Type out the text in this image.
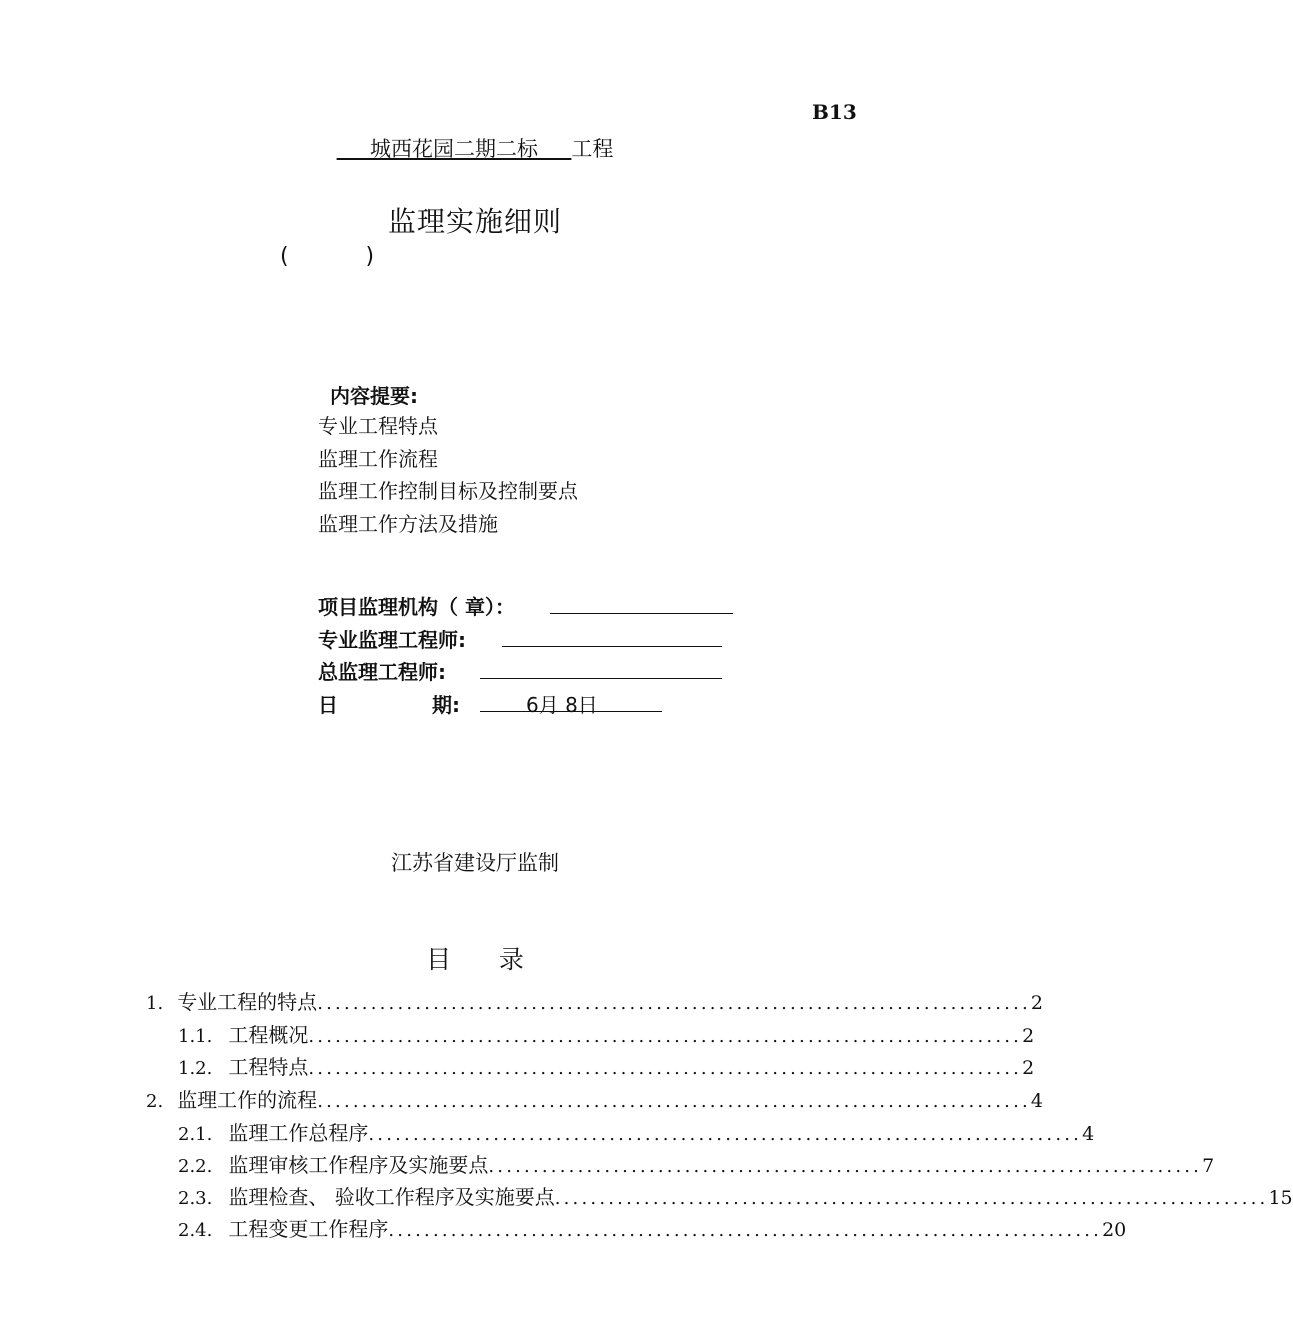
B13
城西花园二期二标 工程
监理实施细则
(	)
内容提要:
专业工程特点
监理工作流程
监理工作控制目标及控制要点
监理工作方法及措施
项目监理机构（ 章）：
专业监理工程师:
总监理工程师:
日	期:	6月 8日
江苏省建设厅监制
目 录
1. 专业工程的特点 ................................................................................ 2
1.1. 工程概况 ................................................................................ 2
1.2. 工程特点 ................................................................................ 2
2. 监理工作的流程 ................................................................................ 4
2.1. 监理工作总程序 ................................................................................ 4
2.2. 监理审核工作程序及实施要点 ................................................................................ 7
2.3. 监理检查、 验收工作程序及实施要点 ................................................................................ 15
2.4. 工程变更工作程序 ................................................................................ 20
